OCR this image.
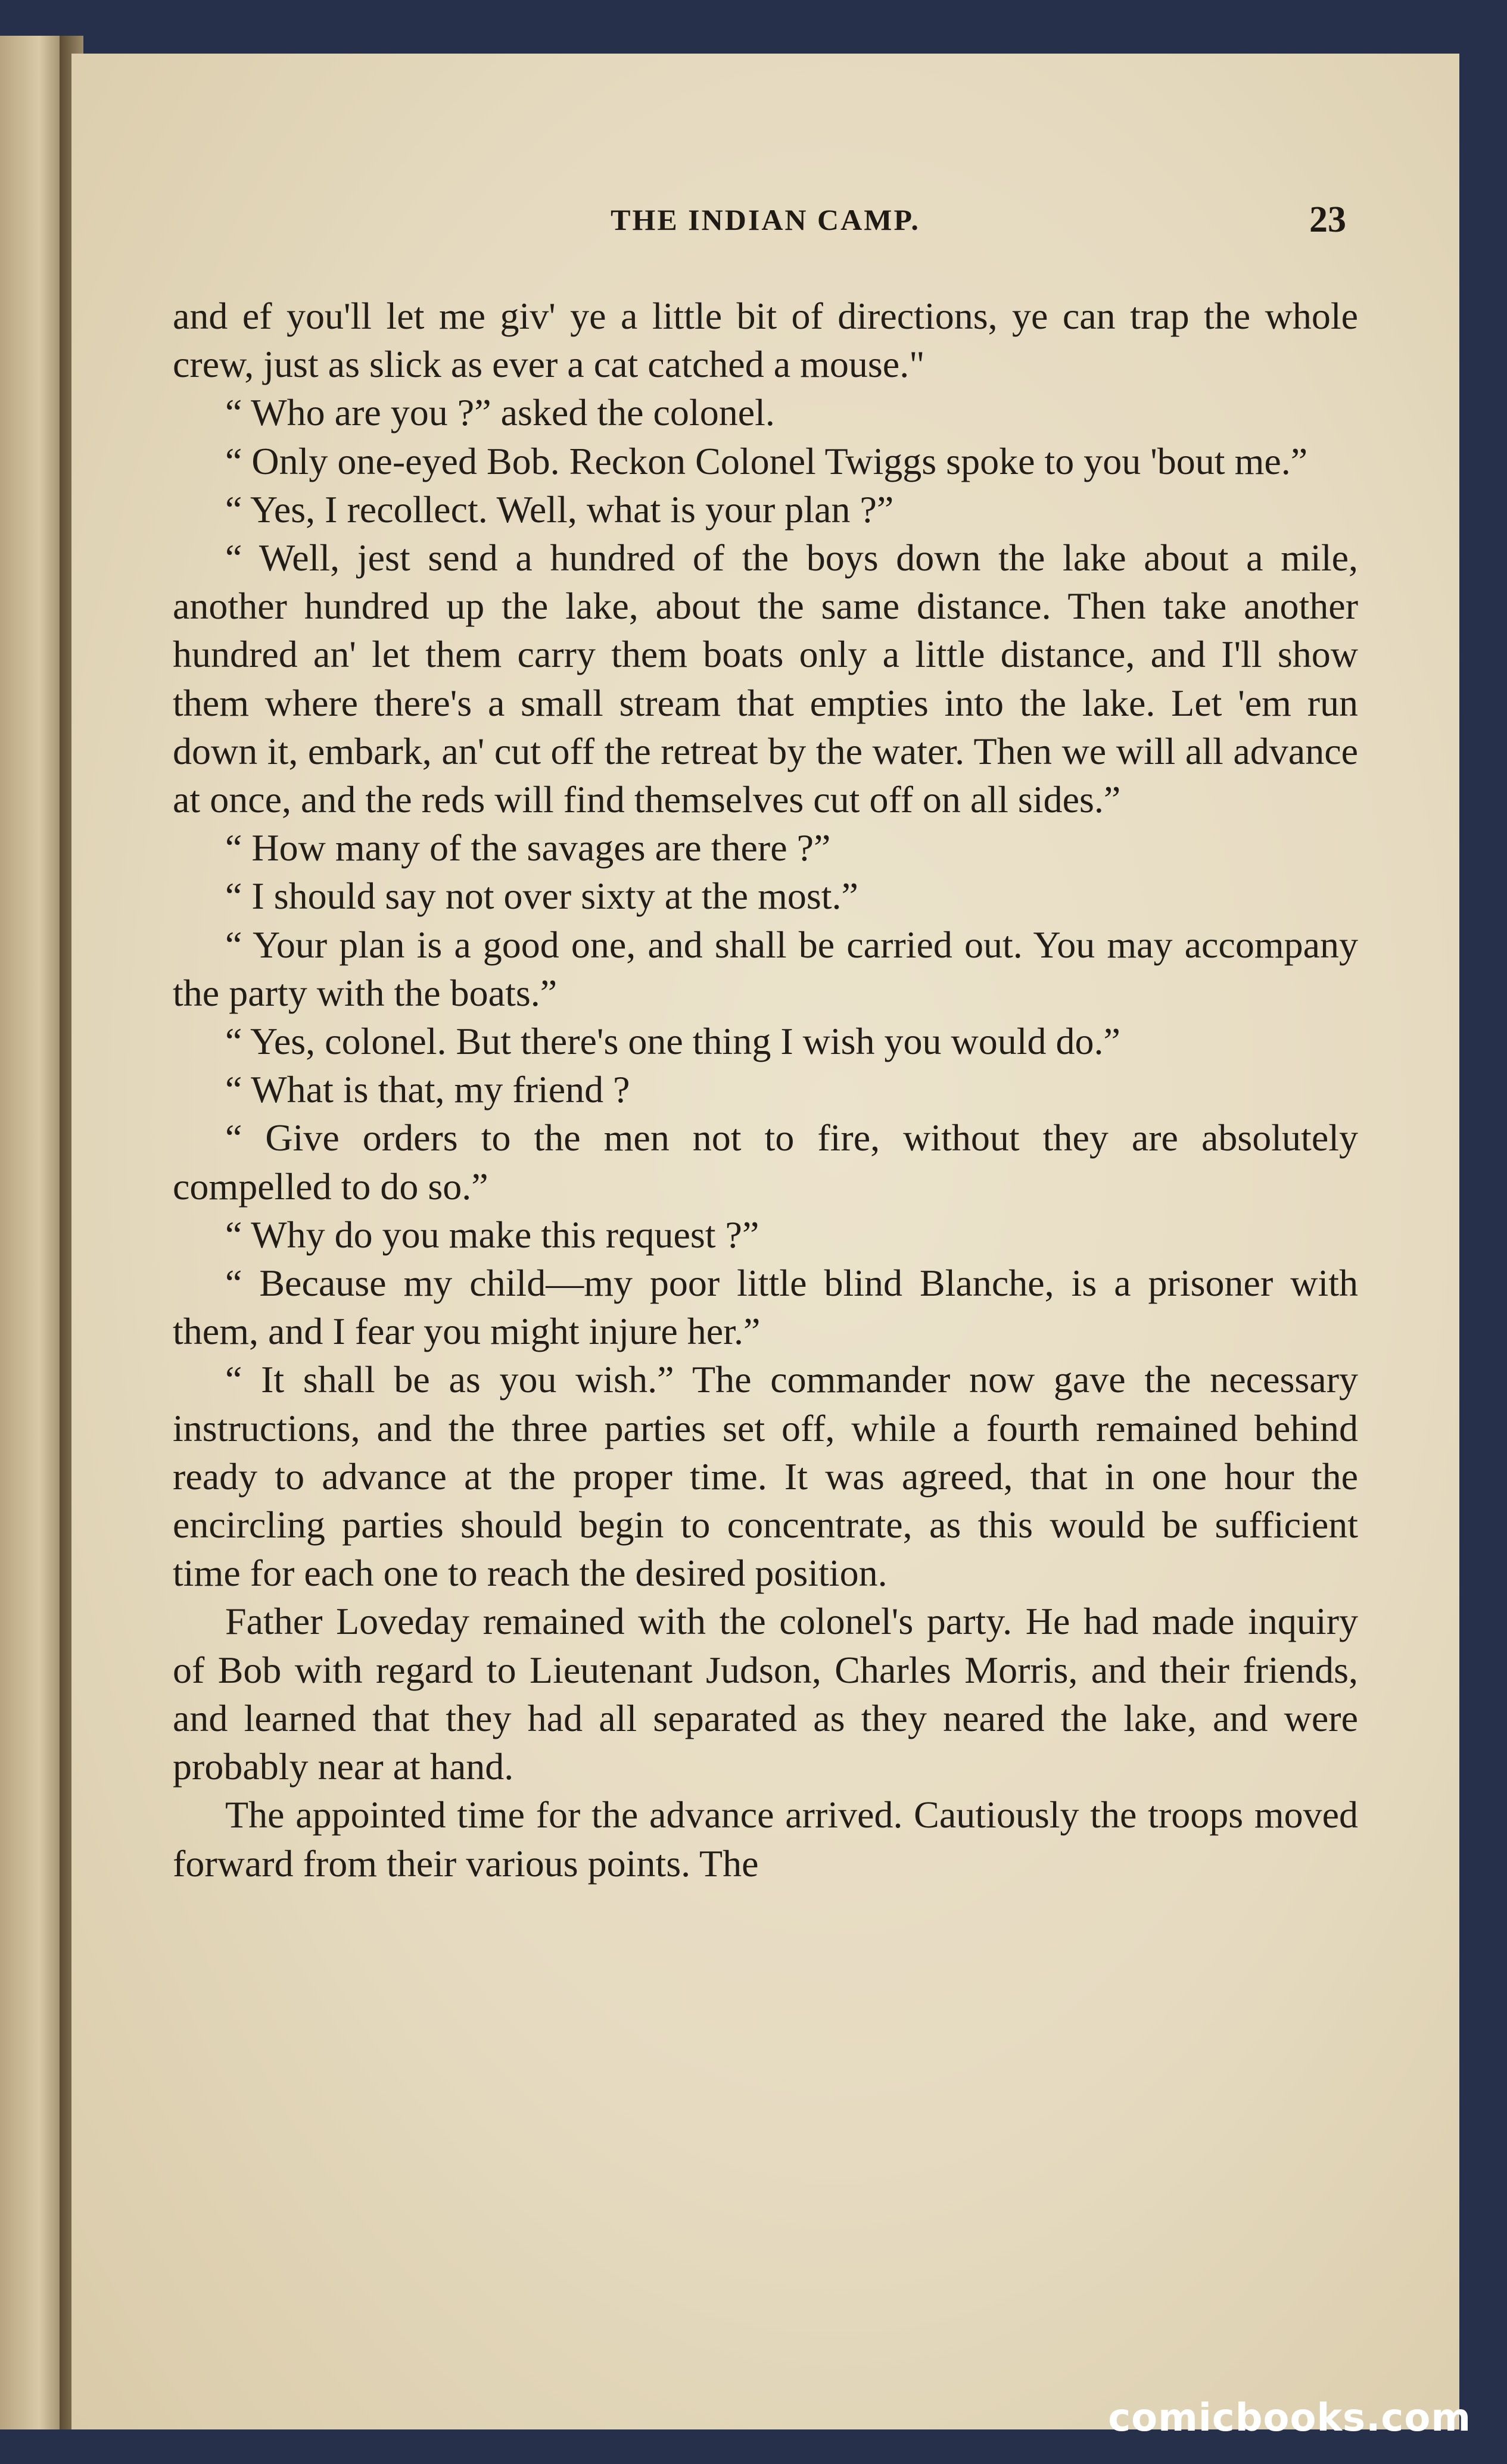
THE INDIAN CAMP.	23

and ef you'll let me giv' ye a little bit of directions, ye can trap the whole crew, just as slick as ever a cat catched a mouse."

“ Who are you ?” asked the colonel.

“ Only one-eyed Bob. Reckon Colonel Twiggs spoke to you 'bout me.”

“ Yes, I recollect. Well, what is your plan ?”

“ Well, jest send a hundred of the boys down the lake about a mile, another hundred up the lake, about the same distance. Then take another hundred an' let them carry them boats only a little distance, and I'll show them where there's a small stream that empties into the lake. Let 'em run down it, embark, an' cut off the retreat by the water. Then we will all advance at once, and the reds will find themselves cut off on all sides.”

“ How many of the savages are there ?”

“ I should say not over sixty at the most.”

“ Your plan is a good one, and shall be carried out. You may accompany the party with the boats.”

“ Yes, colonel. But there's one thing I wish you would do.”

“ What is that, my friend ?

“ Give orders to the men not to fire, without they are absolutely compelled to do so.”

“ Why do you make this request ?”

“ Because my child—my poor little blind Blanche, is a prisoner with them, and I fear you might injure her.”

“ It shall be as you wish.” The commander now gave the necessary instructions, and the three parties set off, while a fourth remained behind ready to advance at the proper time. It was agreed, that in one hour the encircling parties should begin to concentrate, as this would be sufficient time for each one to reach the desired position.

Father Loveday remained with the colonel's party. He had made inquiry of Bob with regard to Lieutenant Judson, Charles Morris, and their friends, and learned that they had all separated as they neared the lake, and were probably near at hand.

The appointed time for the advance arrived. Cautiously the troops moved forward from their various points. The

comicbooks.com
